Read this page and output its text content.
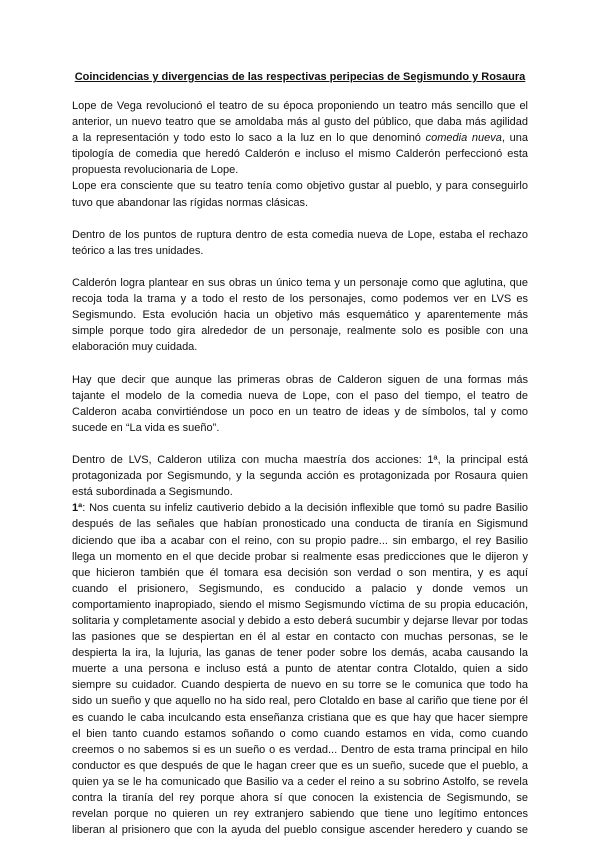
Coincidencias y divergencias de las respectivas peripecias de Segismundo y Rosaura
Lope de Vega revolucionó el teatro de su época proponiendo un teatro más sencillo que el
anterior, un nuevo teatro que se amoldaba más al gusto del público, que daba más agilidad
a la representación y todo esto lo saco a la luz en lo que denominó comedia nueva, una
tipología de comedia que heredó Calderón e incluso el mismo Calderón perfeccionó esta
propuesta revolucionaria de Lope.
Lope era consciente que su teatro tenía como objetivo gustar al pueblo, y para conseguirlo
tuvo que abandonar las rígidas normas clásicas.
Dentro de los puntos de ruptura dentro de esta comedia nueva de Lope, estaba el rechazo
teórico a las tres unidades.
Calderón logra plantear en sus obras un único tema y un personaje como que aglutina, que
recoja toda la trama y a todo el resto de los personajes, como podemos ver en LVS es
Segismundo. Esta evolución hacia un objetivo más esquemático y aparentemente más
simple porque todo gira alrededor de un personaje, realmente solo es posible con una
elaboración muy cuidada.
Hay que decir que aunque las primeras obras de Calderon siguen de una formas más
tajante el modelo de la comedia nueva de Lope, con el paso del tiempo, el teatro de
Calderon acaba convirtiéndose un poco en un teatro de ideas y de símbolos, tal y como
sucede en “La vida es sueño”.
Dentro de LVS, Calderon utiliza con mucha maestría dos acciones: 1ª, la principal está
protagonizada por Segismundo, y la segunda acción es protagonizada por Rosaura quien
está subordinada a Segismundo.
1ª: Nos cuenta su infeliz cautiverio debido a la decisión inflexible que tomó su padre Basilio
después de las señales que habían pronosticado una conducta de tiranía en Sigismund
diciendo que iba a acabar con el reino, con su propio padre... sin embargo, el rey Basilio
llega un momento en el que decide probar si realmente esas predicciones que le dijeron y
que hicieron también que él tomara esa decisión son verdad o son mentira, y es aquí
cuando el prisionero, Segismundo, es conducido a palacio y donde vemos un
comportamiento inapropiado, siendo el mismo Segismundo víctima de su propia educación,
solitaria y completamente asocial y debido a esto deberá sucumbir y dejarse llevar por todas
las pasiones que se despiertan en él al estar en contacto con muchas personas, se le
despierta la ira, la lujuria, las ganas de tener poder sobre los demás, acaba causando la
muerte a una persona e incluso está a punto de atentar contra Clotaldo, quien a sido
siempre su cuidador. Cuando despierta de nuevo en su torre se le comunica que todo ha
sido un sueño y que aquello no ha sido real, pero Clotaldo en base al cariño que tiene por él
es cuando le caba inculcando esta enseñanza cristiana que es que hay que hacer siempre
el bien tanto cuando estamos soñando o como cuando estamos en vida, como cuando
creemos o no sabemos si es un sueño o es verdad... Dentro de esta trama principal en hilo
conductor es que después de que le hagan creer que es un sueño, sucede que el pueblo, a
quien ya se le ha comunicado que Basilio va a ceder el reino a su sobrino Astolfo, se revela
contra la tiranía del rey porque ahora sí que conocen la existencia de Segismundo, se
revelan porque no quieren un rey extranjero sabiendo que tiene uno legítimo entonces
liberan al prisionero que con la ayuda del pueblo consigue ascender heredero y cuando se
